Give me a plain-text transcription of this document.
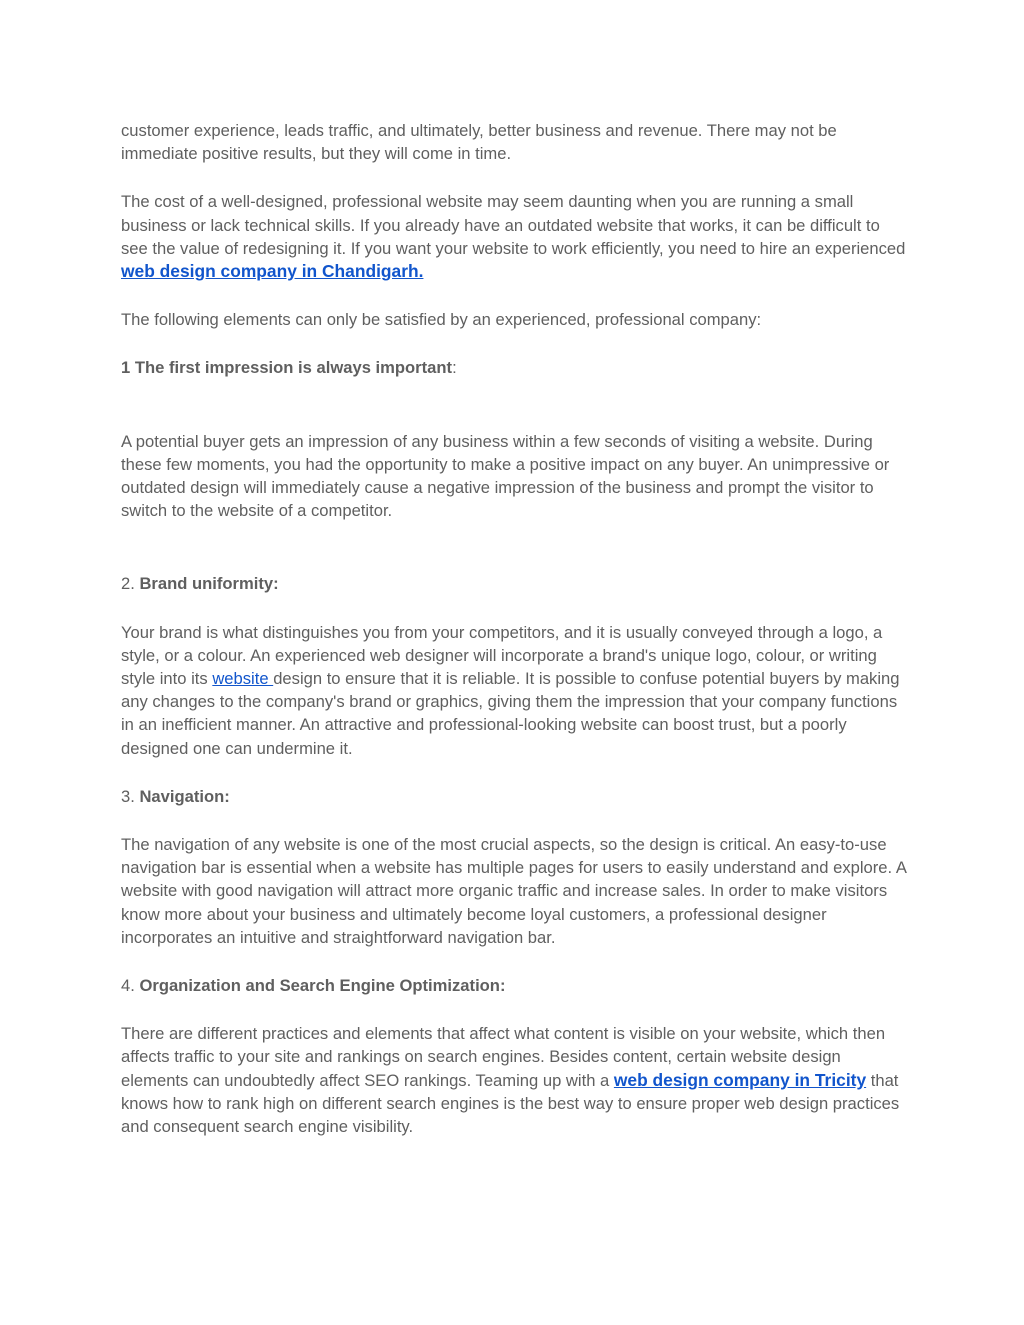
customer experience, leads traffic, and ultimately, better business and revenue. There may not be immediate positive results, but they will come in time.

The cost of a well-designed, professional website may seem daunting when you are running a small business or lack technical skills. If you already have an outdated website that works, it can be difficult to see the value of redesigning it. If you want your website to work efficiently, you need to hire an experienced web design company in Chandigarh.

The following elements can only be satisfied by an experienced, professional company:

1 The first impression is always important:

A potential buyer gets an impression of any business within a few seconds of visiting a website. During these few moments, you had the opportunity to make a positive impact on any buyer. An unimpressive or outdated design will immediately cause a negative impression of the business and prompt the visitor to switch to the website of a competitor.

2. Brand uniformity:

Your brand is what distinguishes you from your competitors, and it is usually conveyed through a logo, a style, or a colour. An experienced web designer will incorporate a brand's unique logo, colour, or writing style into its website design to ensure that it is reliable. It is possible to confuse potential buyers by making any changes to the company's brand or graphics, giving them the impression that your company functions in an inefficient manner. An attractive and professional-looking website can boost trust, but a poorly designed one can undermine it.

3. Navigation:

The navigation of any website is one of the most crucial aspects, so the design is critical. An easy-to-use navigation bar is essential when a website has multiple pages for users to easily understand and explore. A website with good navigation will attract more organic traffic and increase sales. In order to make visitors know more about your business and ultimately become loyal customers, a professional designer incorporates an intuitive and straightforward navigation bar.

4. Organization and Search Engine Optimization:

There are different practices and elements that affect what content is visible on your website, which then affects traffic to your site and rankings on search engines. Besides content, certain website design elements can undoubtedly affect SEO rankings. Teaming up with a web design company in Tricity that knows how to rank high on different search engines is the best way to ensure proper web design practices and consequent search engine visibility.
